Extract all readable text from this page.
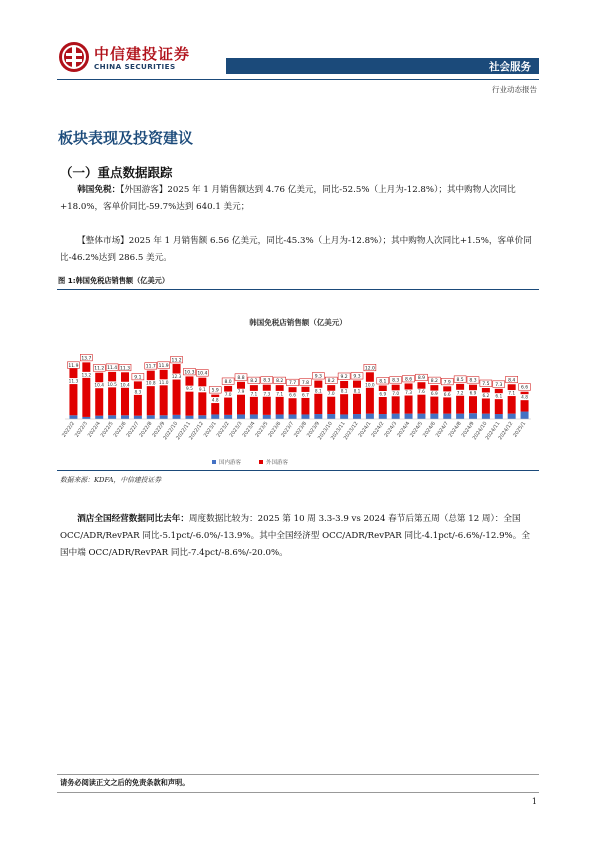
中信建投证券
CHINA SECURITIES	社会服务
行业动态报告
板块表现及投资建议
（一）重点数据跟踪
  韩国免税：【外国游客】2025 年 1 月销售额达到 4.76 亿美元，同比-52.5%（上月为-12.8%）；其中购物人次同比+18.0%，客单价同比-59.7%达到 640.1 美元；
  【整体市场】2025 年 1 月销售额 6.56 亿美元，同比-45.3%（上月为-12.8%）；其中购物人次同比+1.5%，客单价同比-46.2%达到 286.5 美元。
图 1:韩国免税店销售额（亿美元）
韩国免税店销售额（亿美元）
11.3
11.9
13.2
13.7
10.4
11.2
10.5
11.4
10.4
11.3
8.3
9.1
10.8
11.7
11.0
11.9
12.3
13.2
9.5
10.3
9.1
10.4
4.8
5.9
7.0
8.0
7.9
8.8
7.1
8.2
7.3
8.3
7.1
8.2
6.6
7.7
6.7
7.8
8.1
9.3
7.0
8.2
8.1
9.2
8.1
9.3
10.0
12.0
6.9
8.1
7.0
8.3
7.3
8.6
7.6
8.9
6.9
8.2
6.6
7.9
7.2
8.5
6.9
8.3
6.2
7.5
6.1
7.3
7.1
8.4
4.8
6.6
2022/2
2022/3
2022/4
2022/5
2022/6
2022/7
2022/8
2022/9
2022/10
2022/11
2022/12
2023/1
2023/2
2023/3
2023/4
2023/5
2023/6
2023/7
2023/8
2023/9
2023/10
2023/11
2023/12
2024/1
2024/2
2024/3
2024/4
2024/5
2024/6
2024/7
2024/8
2024/9
2024/10
2024/11
2024/12
2025/1
国内游客	外国游客
数据来源：KDFA，中信建投证券
  酒店全国经营数据同比去年：周度数据比较为：2025 第 10 周 3.3-3.9 vs 2024 春节后第五周（总第 12 周）：全国 OCC/ADR/RevPAR 同比-5.1pct/-6.0%/-13.9%。其中全国经济型 OCC/ADR/RevPAR 同比-4.1pct/-6.6%/-12.9%。全国中端 OCC/ADR/RevPAR 同比-7.4pct/-8.6%/-20.0%。
请务必阅读正文之后的免责条款和声明。
1
